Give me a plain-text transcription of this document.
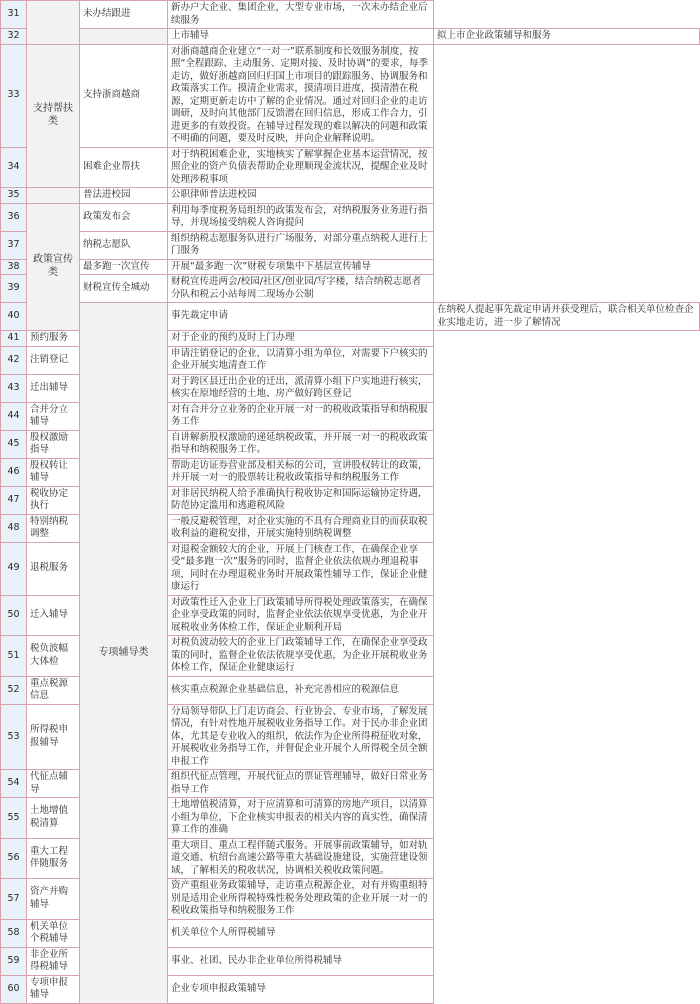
31		未办结跟进	新办户大企业、集团企业，大型专业市场，一次未办结企业后续服务	
32			上市辅导	拟上市企业政策辅导和服务
33	支持帮扶类	支持浙商越商	对浙商越商企业建立“一对一”联系制度和长效服务制度，按照“全程跟踪、主动服务、定期对接、及时协调”的要求，每季走访，做好浙越商回归归国上市项目的跟踪服务、协调服务和政策落实工作。摸清企业需求，摸清项目进度，摸清潜在税源，定期更新走访中了解的企业情况。通过对回归企业的走访调研，及时向其他部门反馈潜在回归信息，形成工作合力，引进更多的有效投资。在辅导过程发现的难以解决的问题和政策不明确的问题，要及时反映，并向企业解释说明。	
34		困难企业帮扶	对于纳税困难企业，实地核实了解掌握企业基本运营情况，按照企业的资产负债表帮助企业理顺现金流状况，提醒企业及时处理涉税事项	
35		普法进校园	公职律师普法进校园	
36	政策宣传类	政策发布会	利用每季度税务局组织的政策发布会，对纳税服务业务进行指导，并现场接受纳税人咨询提问	
37		纳税志愿队	组织纳税志愿服务队进行广场服务，对部分重点纳税人进行上门服务	
38		最多跑一次宣传	开展“最多跑一次”财税专项集中下基层宣传辅导	
39		财税宣传全城动	财税宣传进两会/校园/社区/创业园/写字楼，结合纳税志愿者分队和税云小站每周二现场办公制	
40		专项辅导类	事先裁定申请	在纳税人提起事先裁定申请并获受理后，联合相关单位检查企业实地走访，进一步了解情况
41	预约服务		对于企业的预约及时上门办理	
42	注销登记		申请注销登记的企业，以清算小组为单位，对需要下户核实的企业开展实地清查工作	
43	迁出辅导		对于跨区县迁出企业的迁出，派清算小组下户实地进行核实，核实在原地经营的土地、房产做好跨区登记	
44	合并分立辅导		对有合并分立业务的企业开展一对一的税收政策指导和纳税服务工作	
45	股权激励指导		自讲解新股权激励的递延纳税政策，并开展一对一的税收政策指导和纳税服务工作。	
46	股权转让辅导		帮助走访证券营业部及相关标的公司，宣讲股权转让的政策，并开展一对一的股票转让税收政策指导和纳税服务工作	
47	税收协定执行		对非居民纳税人给予准确执行税收协定和国际运输协定待遇，防范协定滥用和逃避税风险	
48	特别纳税调整		一般反避税管理，对企业实施的不具有合理商业目的而获取税收利益的避税安排，开展实施特别纳税调整	
49	退税服务		对退税金额较大的企业，开展上门核查工作，在确保企业享受“最多跑一次”服务的同时，监督企业依法依规办理退税事项，同时在办理退税业务时开展政策性辅导工作，保证企业健康运行	
50	迁入辅导		对政策性迁入企业上门政策辅导所得税处理政策落实，在确保企业享受政策的同时，监督企业依法依规享受优惠，为企业开展税收业务体检工作，保证企业顺利开局	
51	税负波幅大体检		对税负波动较大的企业上门政策辅导工作，在确保企业享受政策的同时，监督企业依法依规享受优惠，为企业开展税收业务体检工作，保证企业健康运行	
52	重点税源信息		核实重点税源企业基础信息，补充完善相应的税源信息	
53	所得税申报辅导		分局领导带队上门走访商会、行业协会、专业市场，了解发展情况，有针对性地开展税收业务指导工作。对于民办非企业团体，尤其是专业收入的组织，依法作为企业所得税征收对象，开展税收业务指导工作，并督促企业开展个人所得税全员全额申报工作	
54	代征点辅导		组织代征点管理，开展代征点的票证管理辅导，做好日常业务指导工作	
55	土地增值税清算		土地增值税清算，对于应清算和可清算的房地产项目，以清算小组为单位，下企业核实申报表的相关内容的真实性，确保清算工作的准确	
56	重大工程伴随服务		重大项目、重点工程伴随式服务。开展事前政策辅导，如对轨道交通、杭绍台高速公路等重大基础设施建设，实施营建设领域，了解相关的税收状况，协调相关税收政策问题。	
57	资产并购辅导		资产重组业务政策辅导，走访重点税源企业，对有并购重组特别是适用企业所得税特殊性税务处理政策的企业开展一对一的税收政策指导和纳税服务工作	
58	机关单位个税辅导		机关单位个人所得税辅导	
59	非企业所得税辅导		事业、社团、民办非企业单位所得税辅导	
60	专项申报辅导		企业专项申报政策辅导	
